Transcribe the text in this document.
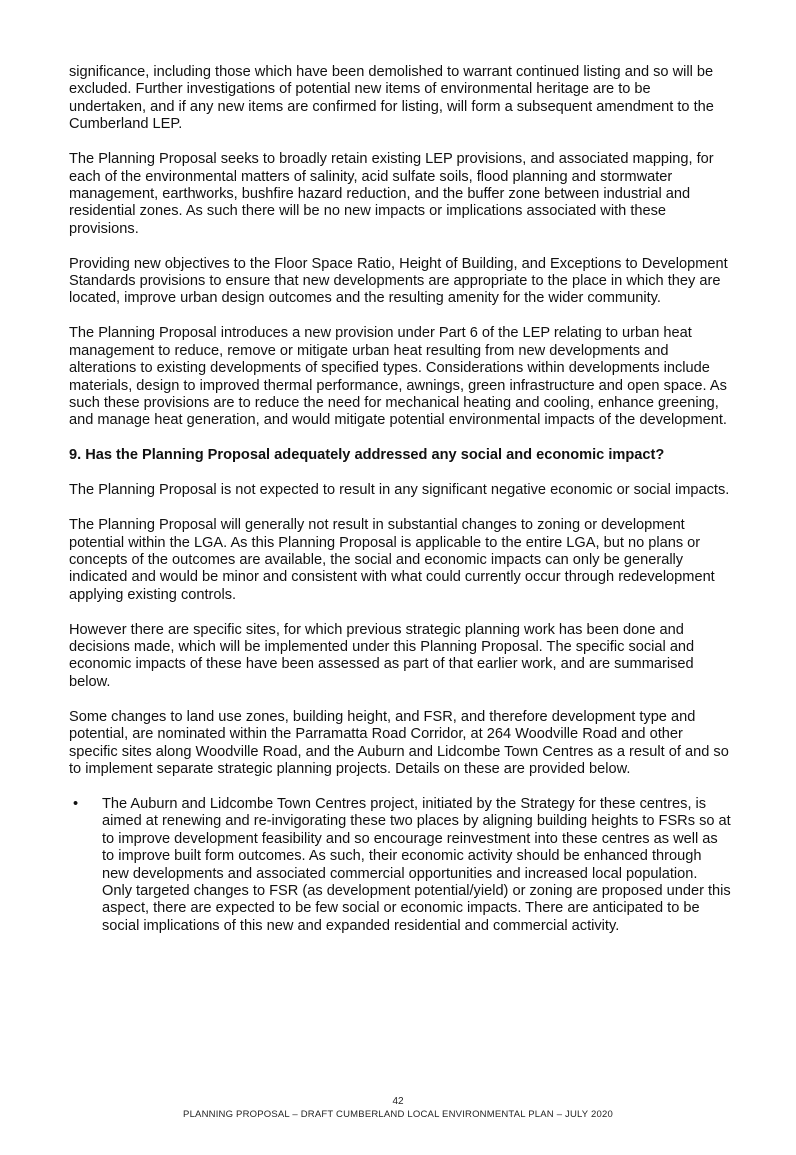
significance, including those which have been demolished to warrant continued listing and so will be excluded. Further investigations of potential new items of environmental heritage are to be undertaken, and if any new items are confirmed for listing, will form a subsequent amendment to the Cumberland LEP.

The Planning Proposal seeks to broadly retain existing LEP provisions, and associated mapping, for each of the environmental matters of salinity, acid sulfate soils, flood planning and stormwater management, earthworks, bushfire hazard reduction, and the buffer zone between industrial and residential zones. As such there will be no new impacts or implications associated with these provisions.

Providing new objectives to the Floor Space Ratio, Height of Building, and Exceptions to Development Standards provisions to ensure that new developments are appropriate to the place in which they are located, improve urban design outcomes and the resulting amenity for the wider community.

The Planning Proposal introduces a new provision under Part 6 of the LEP relating to urban heat management to reduce, remove or mitigate urban heat resulting from new developments and alterations to existing developments of specified types. Considerations within developments include materials, design to improved thermal performance, awnings, green infrastructure and open space. As such these provisions are to reduce the need for mechanical heating and cooling, enhance greening, and manage heat generation, and would mitigate potential environmental impacts of the development.

9. Has the Planning Proposal adequately addressed any social and economic impact?

The Planning Proposal is not expected to result in any significant negative economic or social impacts.

The Planning Proposal will generally not result in substantial changes to zoning or development potential within the LGA. As this Planning Proposal is applicable to the entire LGA, but no plans or concepts of the outcomes are available, the social and economic impacts can only be generally indicated and would be minor and consistent with what could currently occur through redevelopment applying existing controls.

However there are specific sites, for which previous strategic planning work has been done and decisions made, which will be implemented under this Planning Proposal. The specific social and economic impacts of these have been assessed as part of that earlier work, and are summarised below.

Some changes to land use zones, building height, and FSR, and therefore development type and potential, are nominated within the Parramatta Road Corridor, at 264 Woodville Road and other specific sites along Woodville Road, and the Auburn and Lidcombe Town Centres as a result of and so to implement separate strategic planning projects. Details on these are provided below.

• The Auburn and Lidcombe Town Centres project, initiated by the Strategy for these centres, is aimed at renewing and re-invigorating these two places by aligning building heights to FSRs so at to improve development feasibility and so encourage reinvestment into these centres as well as to improve built form outcomes. As such, their economic activity should be enhanced through new developments and associated commercial opportunities and increased local population. Only targeted changes to FSR (as development potential/yield) or zoning are proposed under this aspect, there are expected to be few social or economic impacts. There are anticipated to be social implications of this new and expanded residential and commercial activity.
42
PLANNING PROPOSAL – DRAFT CUMBERLAND LOCAL ENVIRONMENTAL PLAN – JULY 2020
